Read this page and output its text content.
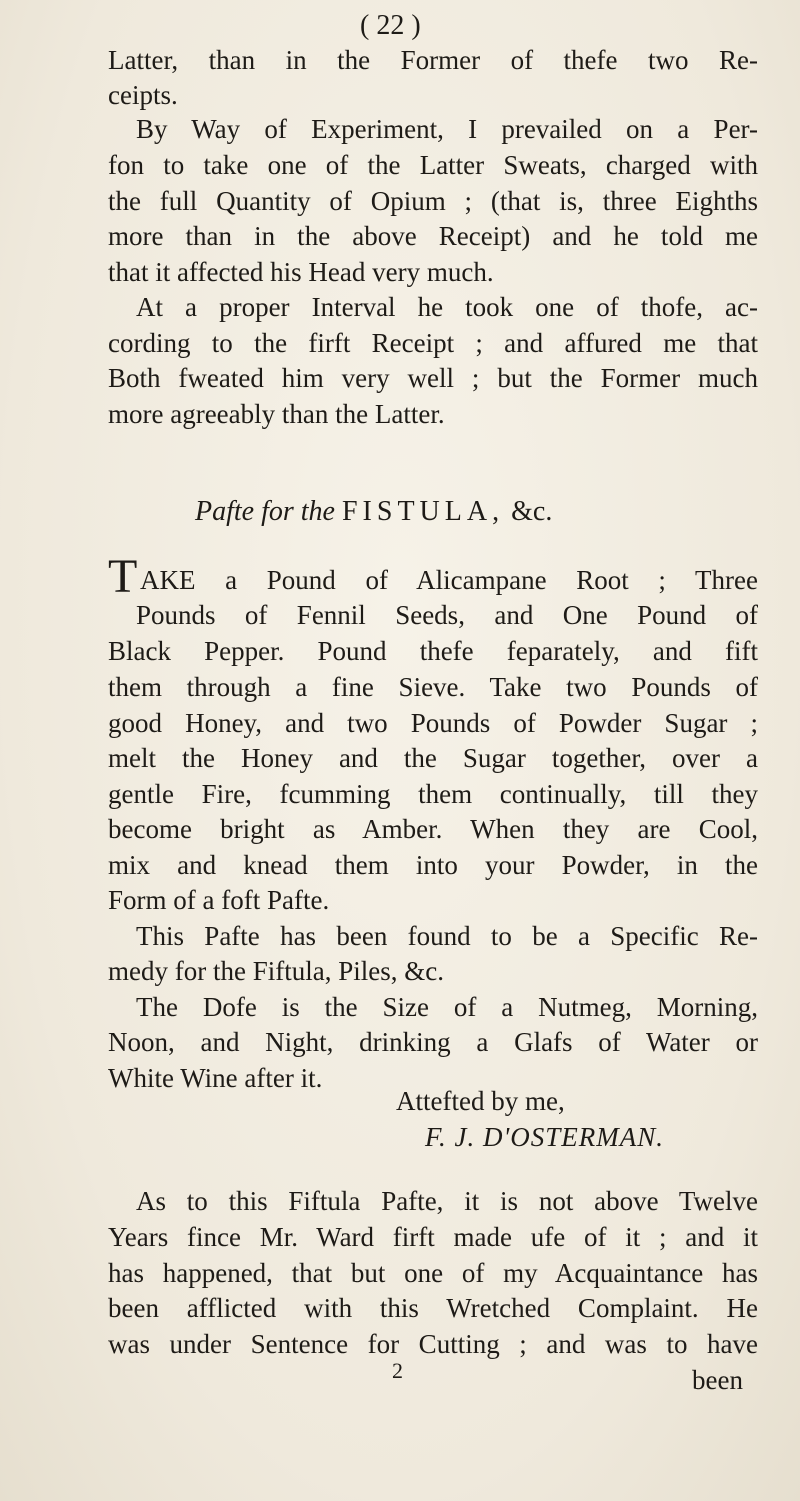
( 22 )
Latter, than in the Former of thefe two Re-
ceipts.
By Way of Experiment, I prevailed on a Per-
fon to take one of the Latter Sweats, charged with
the full Quantity of Opium ; (that is, three Eighths
more than in the above Receipt) and he told me
that it affected his Head very much.
At a proper Interval he took one of thofe, ac-
cording to the firft Receipt ; and affured me that
Both fweated him very well ; but the Former much
more agreeably than the Latter.
Pafte for the FISTULA, &c.
T AKE a Pound of Alicampane Root ; Three
Pounds of Fennil Seeds, and One Pound of
Black Pepper. Pound thefe feparately, and fift
them through a fine Sieve. Take two Pounds of
good Honey, and two Pounds of Powder Sugar ;
melt the Honey and the Sugar together, over a
gentle Fire, fcumming them continually, till they
become bright as Amber. When they are Cool,
mix and knead them into your Powder, in the
Form of a foft Pafte.
This Pafte has been found to be a Specific Re-
medy for the Fiftula, Piles, &c.
The Dofe is the Size of a Nutmeg, Morning,
Noon, and Night, drinking a Glafs of Water or
White Wine after it.
Attefted by me,
F. J. D'OSTERMAN.
As to this Fiftula Pafte, it is not above Twelve
Years fince Mr. Ward firft made ufe of it ; and it
has happened, that but one of my Acquaintance has
been afflicted with this Wretched Complaint. He
was under Sentence for Cutting ; and was to have
2	been
